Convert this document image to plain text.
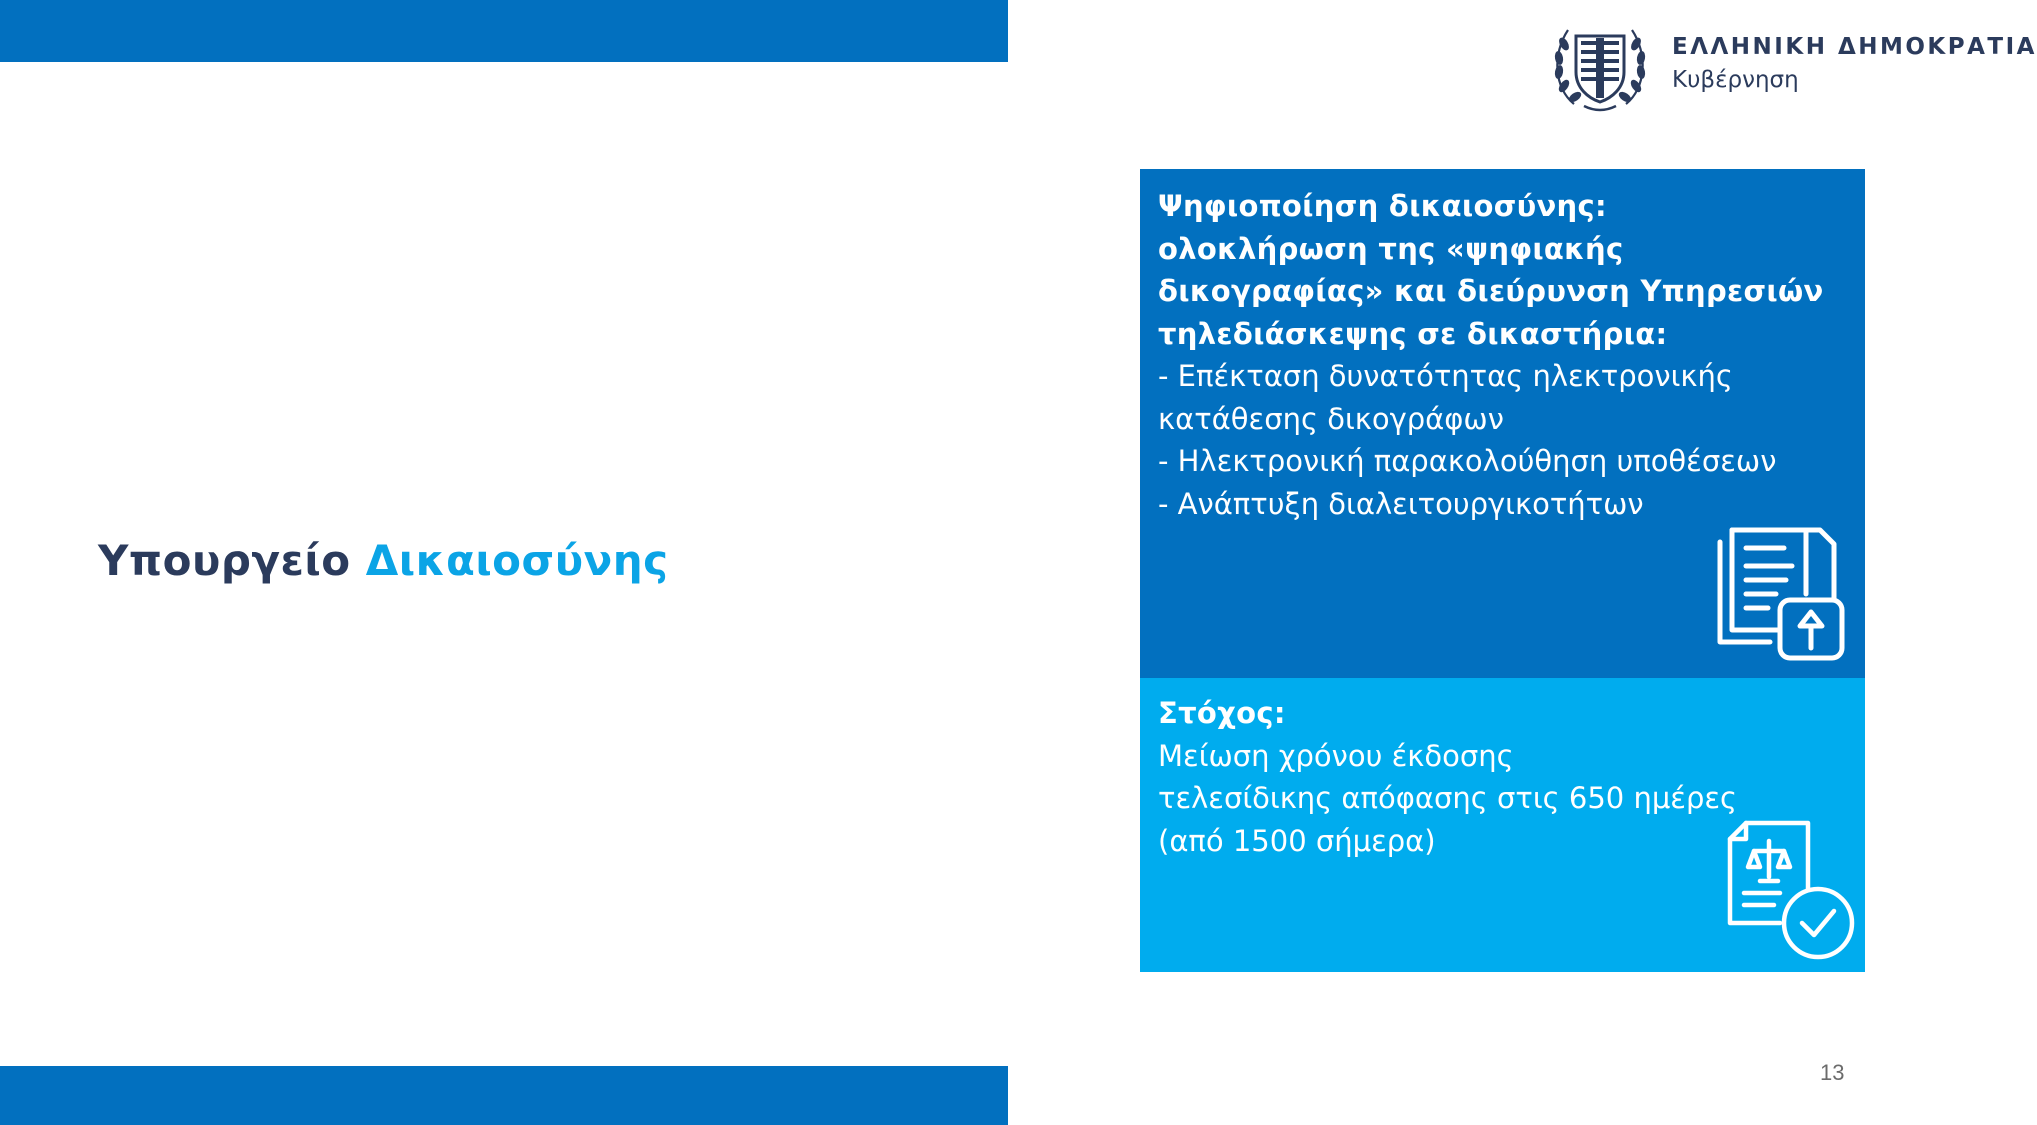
ΕΛΛΗΝΙΚΗ ΔΗΜΟΚΡΑΤΙΑ
Κυβέρνηση
Υπουργείο Δικαιοσύνης
Ψηφιοποίηση δικαιοσύνης:
ολοκλήρωση της «ψηφιακής
δικογραφίας» και διεύρυνση Υπηρεσιών
τηλεδιάσκεψης σε δικαστήρια:
- Επέκταση δυνατότητας ηλεκτρονικής
κατάθεσης δικογράφων
- Ηλεκτρονική παρακολούθηση υποθέσεων
- Ανάπτυξη διαλειτουργικοτήτων
Στόχος:
Μείωση χρόνου έκδοσης
τελεσίδικης απόφασης στις 650 ημέρες
(από 1500 σήμερα)
13
